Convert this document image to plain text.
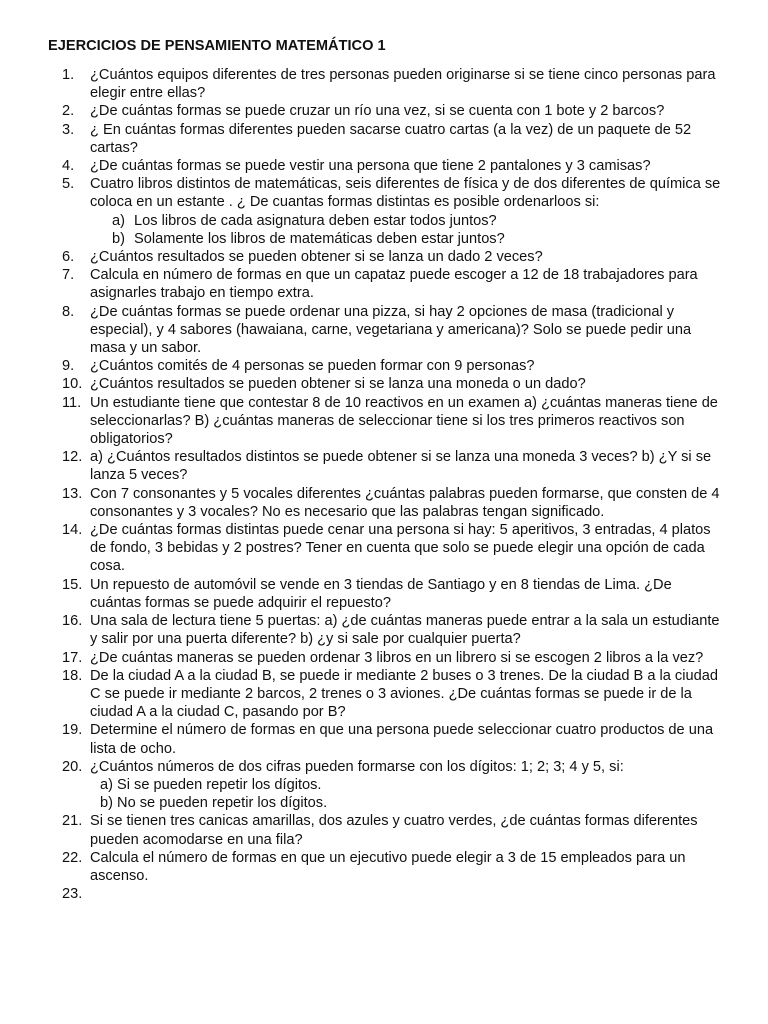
EJERCICIOS DE PENSAMIENTO MATEMÁTICO 1
1.	¿Cuántos equipos diferentes de tres personas pueden originarse si se tiene cinco personas para elegir entre ellas?
2.	¿De cuántas formas se puede cruzar un río una vez, si se cuenta con 1 bote y 2 barcos?
3.	¿ En cuántas formas diferentes pueden sacarse cuatro cartas (a la vez) de un paquete de 52 cartas?
4.	¿De cuántas formas se puede vestir una persona que tiene 2 pantalones y 3 camisas?
5.	Cuatro libros distintos de matemáticas, seis diferentes de física y de dos diferentes de química se coloca en un estante . ¿ De cuantas formas distintas es posible ordenarloos si:
a) Los libros de cada asignatura deben estar todos juntos?
b) Solamente los libros de matemáticas deben estar juntos?
6.	¿Cuántos resultados se pueden obtener si se lanza un dado 2 veces?
7.	Calcula en número de formas en que un capataz puede escoger a 12 de 18 trabajadores para asignarles trabajo en tiempo extra.
8.	¿De cuántas formas se puede ordenar una pizza, si hay 2 opciones de masa (tradicional y especial), y 4 sabores (hawaiana, carne, vegetariana y americana)? Solo se puede pedir una masa y un sabor.
9.	¿Cuántos comités de 4 personas se pueden formar con 9 personas?
10. ¿Cuántos resultados se pueden obtener si se lanza una moneda o un dado?
11. Un estudiante tiene que contestar 8 de 10 reactivos en un examen a) ¿cuántas maneras tiene de seleccionarlas? B) ¿cuántas maneras de seleccionar tiene si los tres primeros reactivos son obligatorios?
12. a) ¿Cuántos resultados distintos se puede obtener si se lanza una moneda 3 veces? b) ¿Y si se lanza 5 veces?
13. Con 7 consonantes y 5 vocales diferentes ¿cuántas palabras pueden formarse, que consten de 4 consonantes y 3 vocales? No es necesario que las palabras tengan significado.
14. ¿De cuántas formas distintas puede cenar una persona si hay: 5 aperitivos, 3 entradas, 4 platos de fondo, 3 bebidas y 2 postres? Tener en cuenta que solo se puede elegir una opción de cada cosa.
15. Un repuesto de automóvil se vende en 3 tiendas de Santiago y en 8 tiendas de Lima. ¿De cuántas formas se puede adquirir el repuesto?
16. Una sala de lectura tiene 5 puertas: a) ¿de cuántas maneras puede entrar a la sala un estudiante y salir por una puerta diferente? b) ¿y si sale por cualquier puerta?
17. ¿De cuántas maneras se pueden ordenar 3 libros en un librero si se escogen 2 libros a la vez?
18. De la ciudad A a la ciudad B, se puede ir mediante 2 buses o 3 trenes. De la ciudad B a la ciudad C se puede ir mediante 2 barcos, 2 trenes o 3 aviones. ¿De cuántas formas se puede ir de la ciudad A a la ciudad C, pasando por B?
19. Determine el número de formas en que una persona puede seleccionar cuatro productos de una lista de ocho.
20. ¿Cuántos números de dos cifras pueden formarse con los dígitos: 1; 2; 3; 4 y 5, si:
a) Si se pueden repetir los dígitos.
b) No se pueden repetir los dígitos.
21. Si se tienen tres canicas amarillas, dos azules y cuatro verdes, ¿de cuántas formas diferentes pueden acomodarse en una fila?
22. Calcula el número de formas en que un ejecutivo puede elegir a 3 de 15 empleados para un ascenso.
23.
